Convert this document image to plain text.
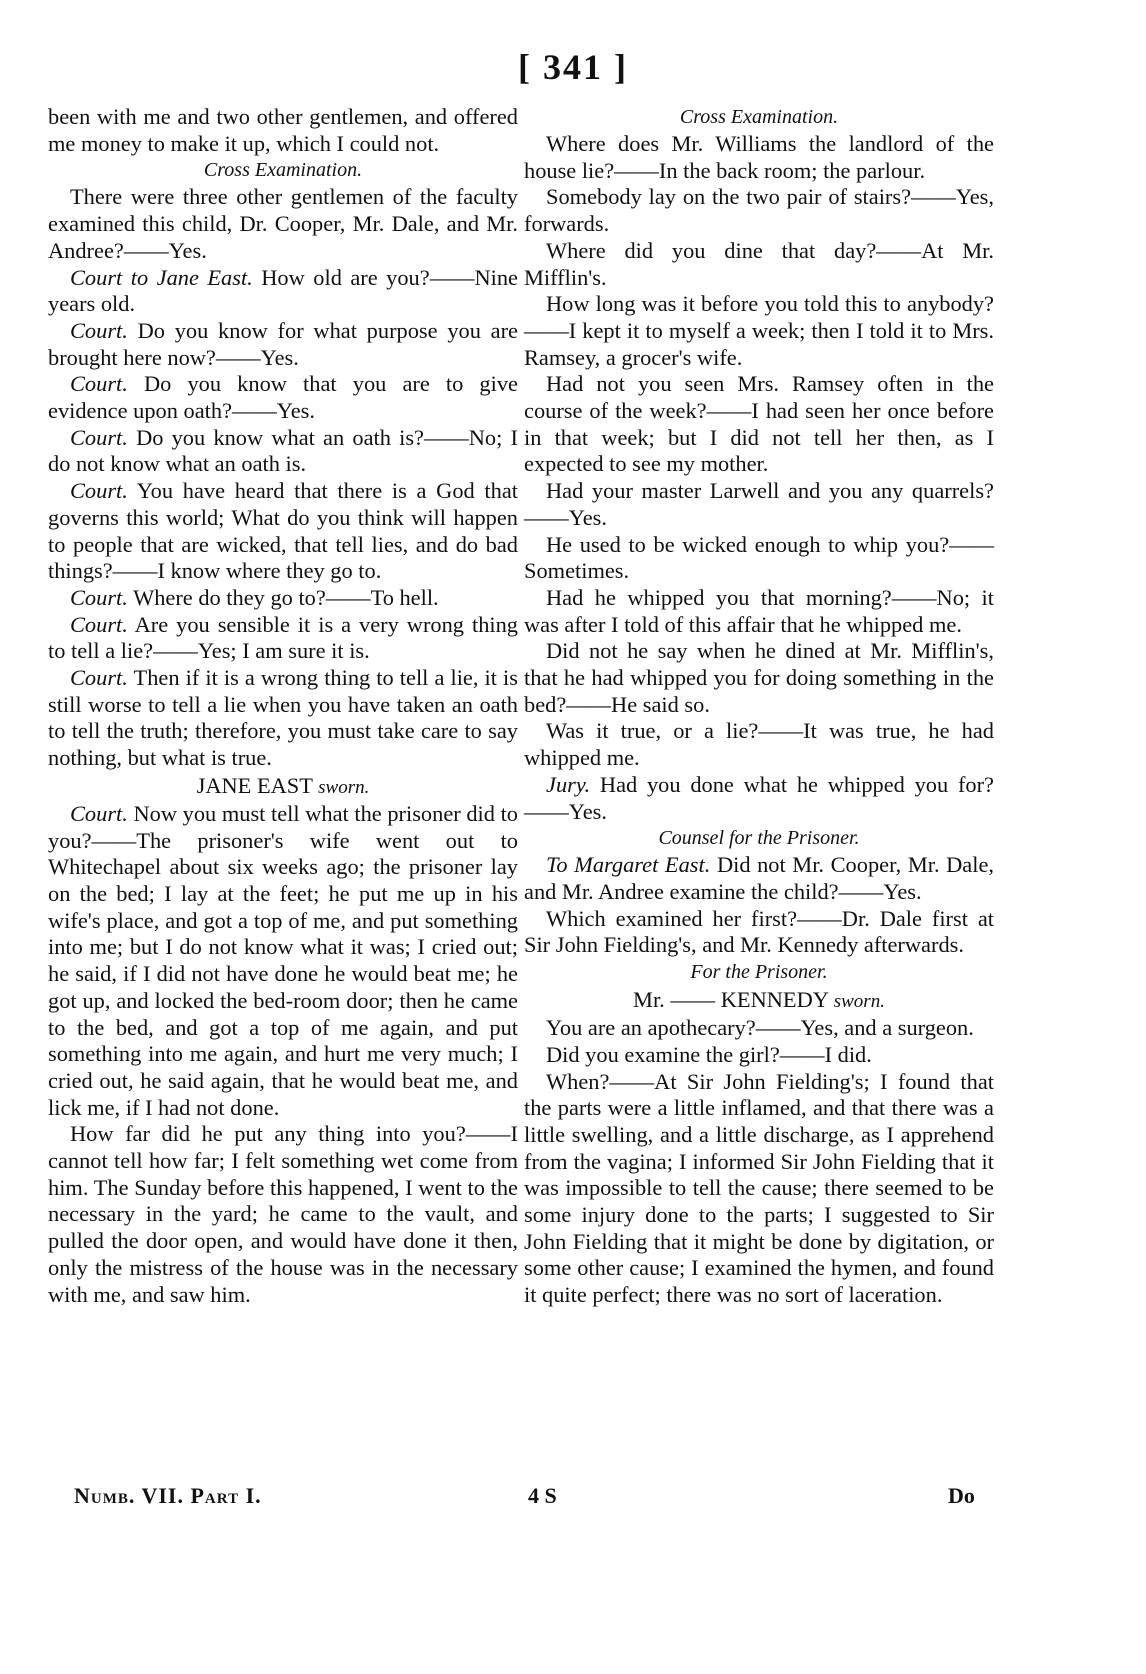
[ 341 ]

been with me and two other gentlemen, and offered me money to make it up, which I could not.

Cross Examination.

There were three other gentlemen of the faculty examined this child, Dr. Cooper, Mr. Dale, and Mr. Andree?——Yes.

Court to Jane East. How old are you?——Nine years old.

Court. Do you know for what purpose you are brought here now?——Yes.

Court. Do you know that you are to give evidence upon oath?——Yes.

Court. Do you know what an oath is?——No; I do not know what an oath is.

Court. You have heard that there is a God that governs this world; What do you think will happen to people that are wicked, that tell lies, and do bad things?——I know where they go to.

Court. Where do they go to?——To hell.

Court. Are you sensible it is a very wrong thing to tell a lie?——Yes; I am sure it is.

Court. Then if it is a wrong thing to tell a lie, it is still worse to tell a lie when you have taken an oath to tell the truth; therefore, you must take care to say nothing, but what is true.

JANE EAST sworn.

Court. Now you must tell what the prisoner did to you?——The prisoner's wife went out to Whitechapel about six weeks ago; the prisoner lay on the bed; I lay at the feet; he put me up in his wife's place, and got a top of me, and put something into me; but I do not know what it was; I cried out; he said, if I did not have done he would beat me; he got up, and locked the bed-room door; then he came to the bed, and got a top of me again, and put something into me again, and hurt me very much; I cried out, he said again, that he would beat me, and lick me, if I had not done.

How far did he put any thing into you?——I cannot tell how far; I felt something wet come from him. The Sunday before this happened, I went to the necessary in the yard; he came to the vault, and pulled the door open, and would have done it then, only the mistress of the house was in the necessary with me, and saw him.

Cross Examination.

Where does Mr. Williams the landlord of the house lie?——In the back room; the parlour.

Somebody lay on the two pair of stairs?——Yes, forwards.

Where did you dine that day?——At Mr. Mifflin's.

How long was it before you told this to anybody?——I kept it to myself a week; then I told it to Mrs. Ramsey, a grocer's wife.

Had not you seen Mrs. Ramsey often in the course of the week?——I had seen her once before in that week; but I did not tell her then, as I expected to see my mother.

Had your master Larwell and you any quarrels?——Yes.

He used to be wicked enough to whip you?——Sometimes.

Had he whipped you that morning?——No; it was after I told of this affair that he whipped me.

Did not he say when he dined at Mr. Mifflin's, that he had whipped you for doing something in the bed?——He said so.

Was it true, or a lie?——It was true, he had whipped me.

Jury. Had you done what he whipped you for?——Yes.

Counsel for the Prisoner.

To Margaret East. Did not Mr. Cooper, Mr. Dale, and Mr. Andree examine the child?——Yes.

Which examined her first?——Dr. Dale first at Sir John Fielding's, and Mr. Kennedy afterwards.

For the Prisoner.
Mr. —— KENNEDY sworn.

You are an apothecary?——Yes, and a surgeon.

Did you examine the girl?——I did.

When?——At Sir John Fielding's; I found that the parts were a little inflamed, and that there was a little swelling, and a little discharge, as I apprehend from the vagina; I informed Sir John Fielding that it was impossible to tell the cause; there seemed to be some injury done to the parts; I suggested to Sir John Fielding that it might be done by digitation, or some other cause; I examined the hymen, and found it quite perfect; there was no sort of laceration.

Numb. VII. Part I.	4 S	Do
